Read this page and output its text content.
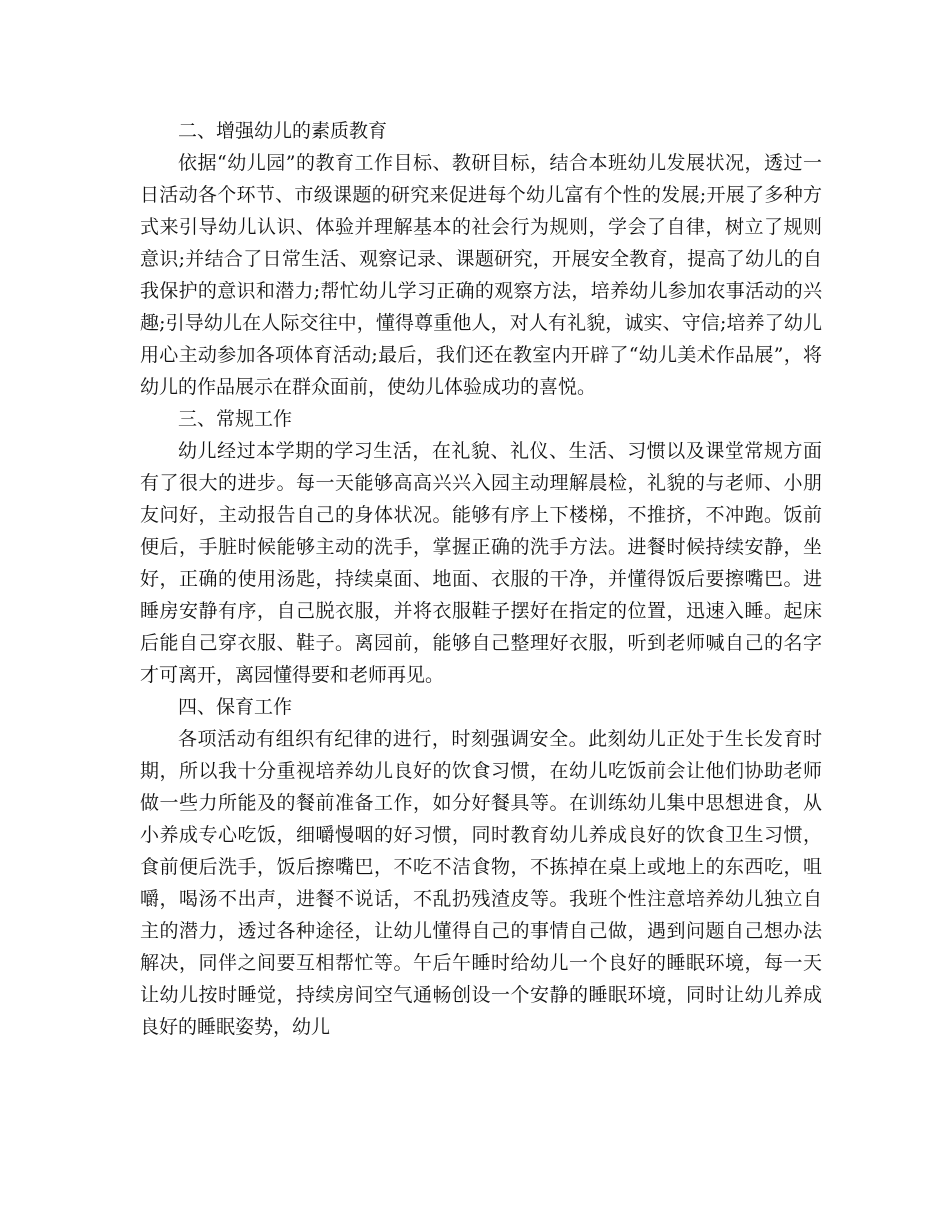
二、增强幼儿的素质教育

依据“幼儿园”的教育工作目标、教研目标，结合本班幼儿发展状况，透过一日活动各个环节、市级课题的研究来促进每个幼儿富有个性的发展;开展了多种方式来引导幼儿认识、体验并理解基本的社会行为规则，学会了自律，树立了规则意识;并结合了日常生活、观察记录、课题研究，开展安全教育，提高了幼儿的自我保护的意识和潜力;帮忙幼儿学习正确的观察方法，培养幼儿参加农事活动的兴趣;引导幼儿在人际交往中，懂得尊重他人，对人有礼貌，诚实、守信;培养了幼儿用心主动参加各项体育活动;最后，我们还在教室内开辟了“幼儿美术作品展”，将幼儿的作品展示在群众面前，使幼儿体验成功的喜悦。

三、常规工作

幼儿经过本学期的学习生活，在礼貌、礼仪、生活、习惯以及课堂常规方面有了很大的进步。每一天能够高高兴兴入园主动理解晨检，礼貌的与老师、小朋友问好，主动报告自己的身体状况。能够有序上下楼梯，不推挤，不冲跑。饭前便后，手脏时候能够主动的洗手，掌握正确的洗手方法。进餐时候持续安静，坐好，正确的使用汤匙，持续桌面、地面、衣服的干净，并懂得饭后要擦嘴巴。进睡房安静有序，自己脱衣服，并将衣服鞋子摆好在指定的位置，迅速入睡。起床后能自己穿衣服、鞋子。离园前，能够自己整理好衣服，听到老师喊自己的名字才可离开，离园懂得要和老师再见。

四、保育工作

各项活动有组织有纪律的进行，时刻强调安全。此刻幼儿正处于生长发育时期，所以我十分重视培养幼儿良好的饮食习惯，在幼儿吃饭前会让他们协助老师做一些力所能及的餐前准备工作，如分好餐具等。在训练幼儿集中思想进食，从小养成专心吃饭，细嚼慢咽的好习惯，同时教育幼儿养成良好的饮食卫生习惯，食前便后洗手，饭后擦嘴巴，不吃不洁食物，不拣掉在桌上或地上的东西吃，咀嚼，喝汤不出声，进餐不说话，不乱扔残渣皮等。我班个性注意培养幼儿独立自主的潜力，透过各种途径，让幼儿懂得自己的事情自己做，遇到问题自己想办法解决，同伴之间要互相帮忙等。午后午睡时给幼儿一个良好的睡眠环境，每一天让幼儿按时睡觉，持续房间空气通畅创设一个安静的睡眠环境，同时让幼儿养成良好的睡眠姿势，幼儿
